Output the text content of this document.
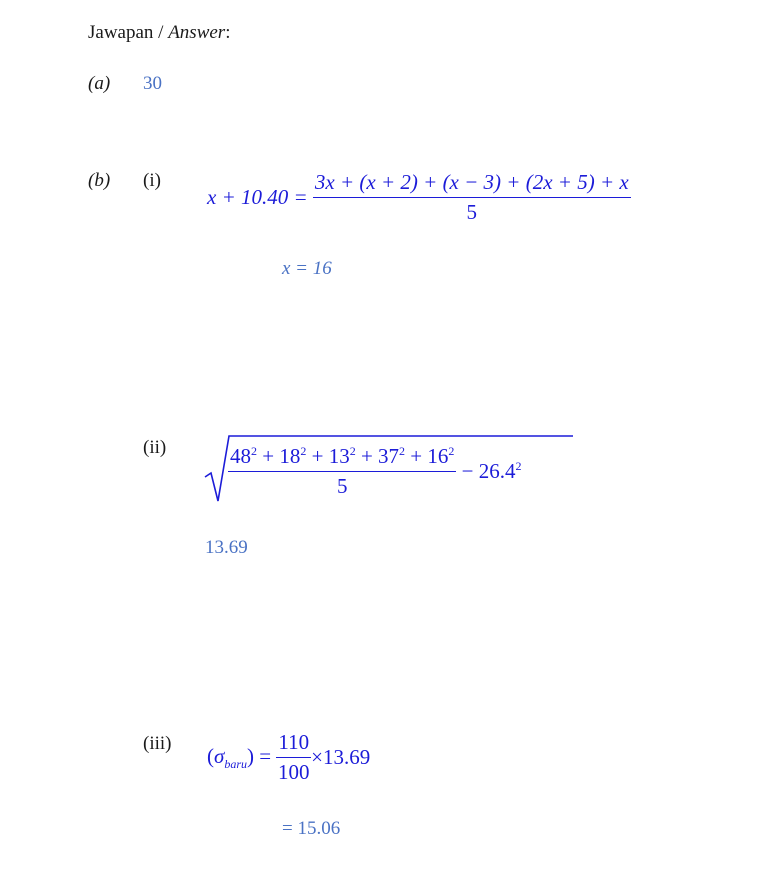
Jawapan / Answer:
(a) 30
(b) (i)
$x + 10.40 = \frac{3x + (x + 2) + (x - 3) + (2x + 5) + x}{5}$
x = 16
(ii)	$\frac{48^2 + 18^2 + 13^2 + 37^2 + 16^2}{5} - 26.4^2$
13.69
(iii) $(\sigma_{baru}) = \frac{110}{100} \times 13.69$
= 15.06
